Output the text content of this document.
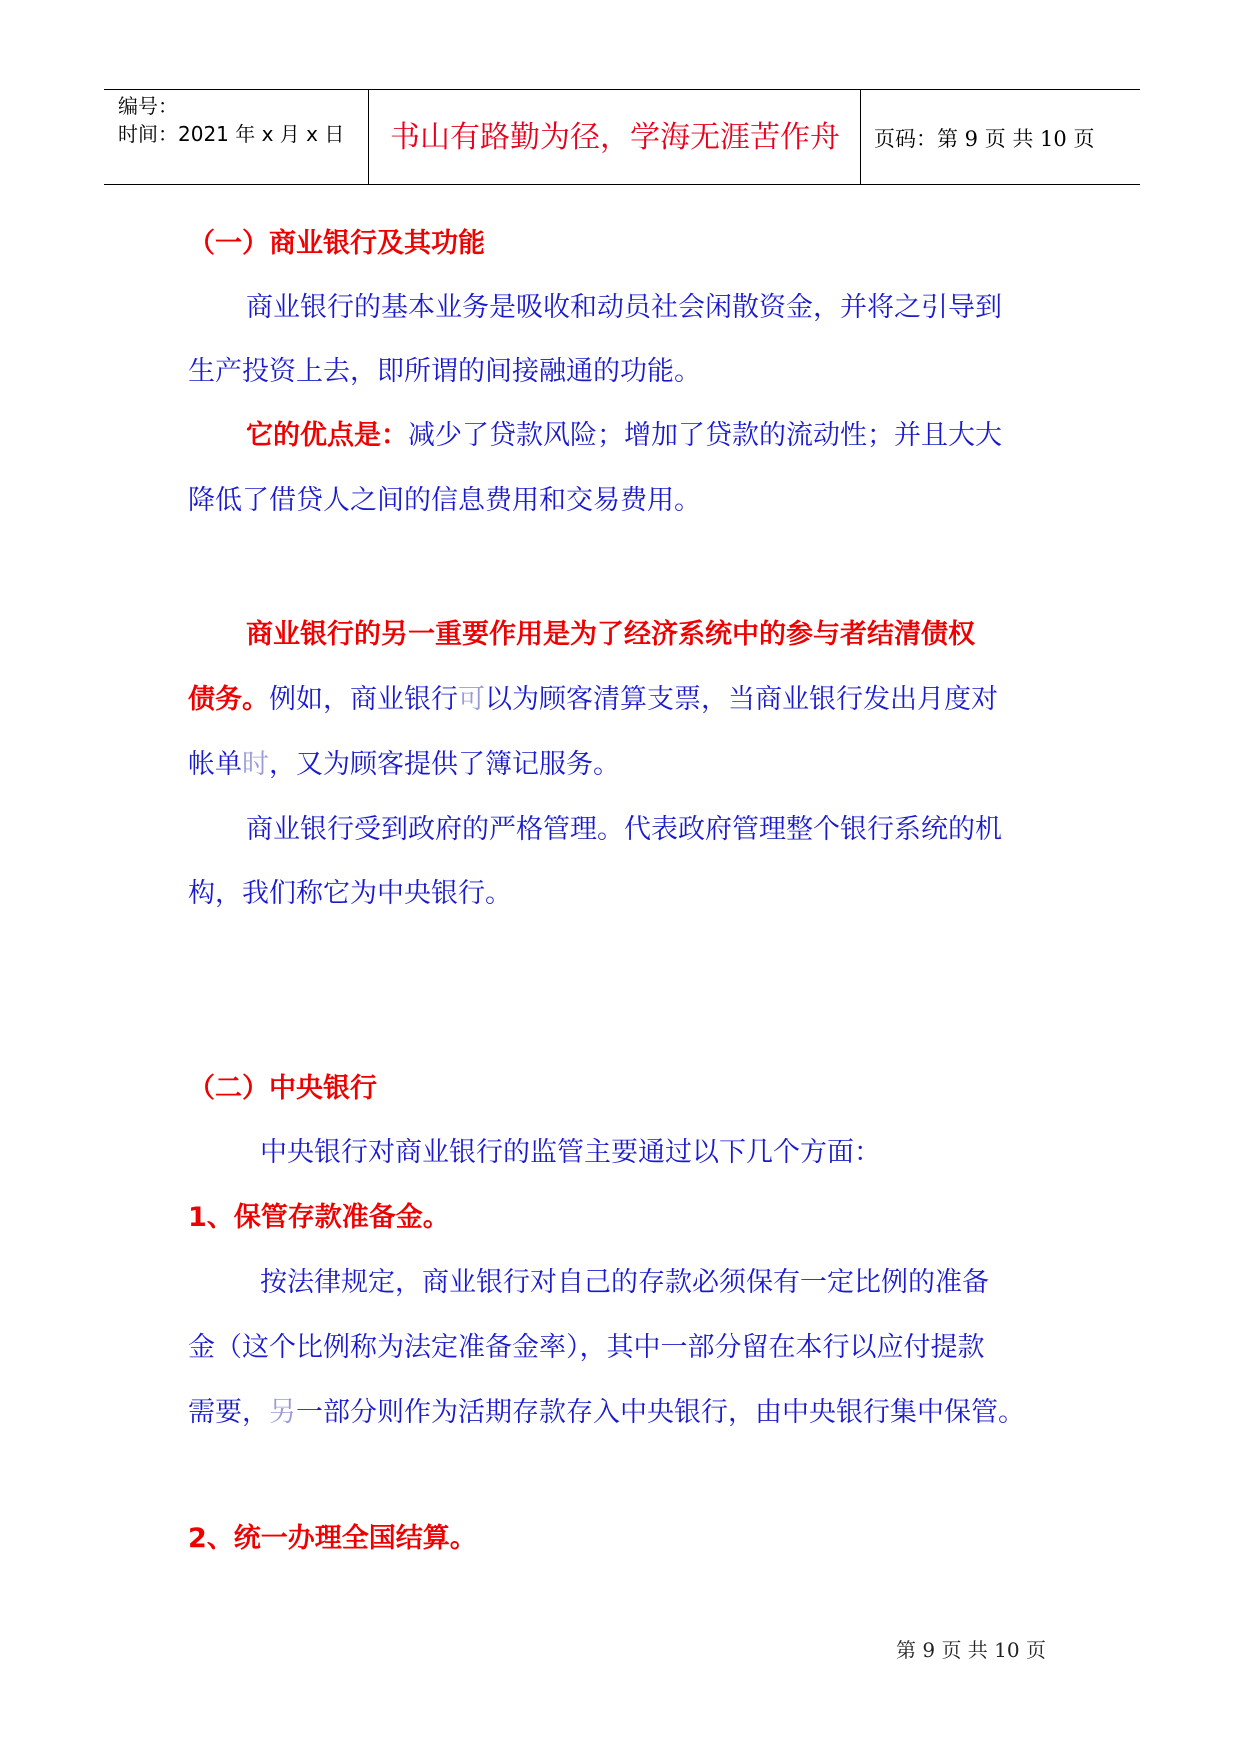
编号：
时间：2021 年 x 月 x 日	书山有路勤为径，学海无涯苦作舟	页码：第 9 页 共 10 页
（一）商业银行及其功能
商业银行的基本业务是吸收和动员社会闲散资金，并将之引导到
生产投资上去，即所谓的间接融通的功能。
它的优点是：减少了贷款风险；增加了贷款的流动性；并且大大
降低了借贷人之间的信息费用和交易费用。
商业银行的另一重要作用是为了经济系统中的参与者结清债权
债务。例如，商业银行可以为顾客清算支票，当商业银行发出月度对
帐单时，又为顾客提供了簿记服务。
商业银行受到政府的严格管理。代表政府管理整个银行系统的机
构，我们称它为中央银行。
（二）中央银行
中央银行对商业银行的监管主要通过以下几个方面：
1、保管存款准备金。
按法律规定，商业银行对自己的存款必须保有一定比例的准备
金（这个比例称为法定准备金率），其中一部分留在本行以应付提款
需要，另一部分则作为活期存款存入中央银行，由中央银行集中保管。
2、统一办理全国结算。
第 9 页 共 10 页
